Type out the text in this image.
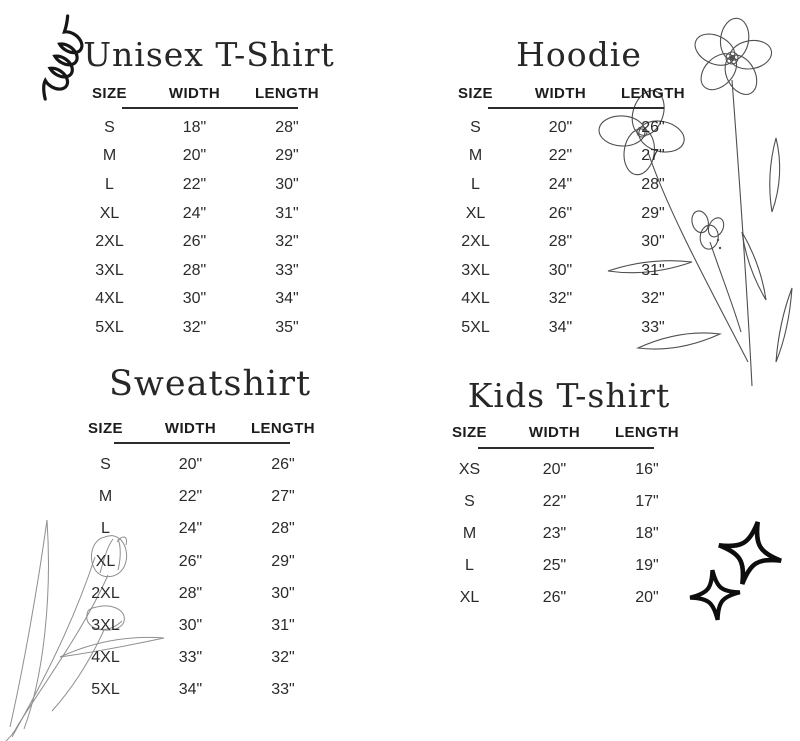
Unisex T-Shirt
SIZE	WIDTH	LENGTH
S	18"	28"
M	20"	29"
L	22"	30"
XL	24"	31"
2XL	26"	32"
3XL	28"	33"
4XL	30"	34"
5XL	32"	35"
Hoodie
SIZE	WIDTH	LENGTH
S	20"	26"
M	22"	27"
L	24"	28"
XL	26"	29"
2XL	28"	30"
3XL	30"	31"
4XL	32"	32"
5XL	34"	33"
Sweatshirt
SIZE	WIDTH	LENGTH
S	20"	26"
M	22"	27"
L	24"	28"
XL	26"	29"
2XL	28"	30"
3XL	30"	31"
4XL	33"	32"
5XL	34"	33"
Kids T-shirt
SIZE	WIDTH	LENGTH
XS	20"	16"
S	22"	17"
M	23"	18"
L	25"	19"
XL	26"	20"
